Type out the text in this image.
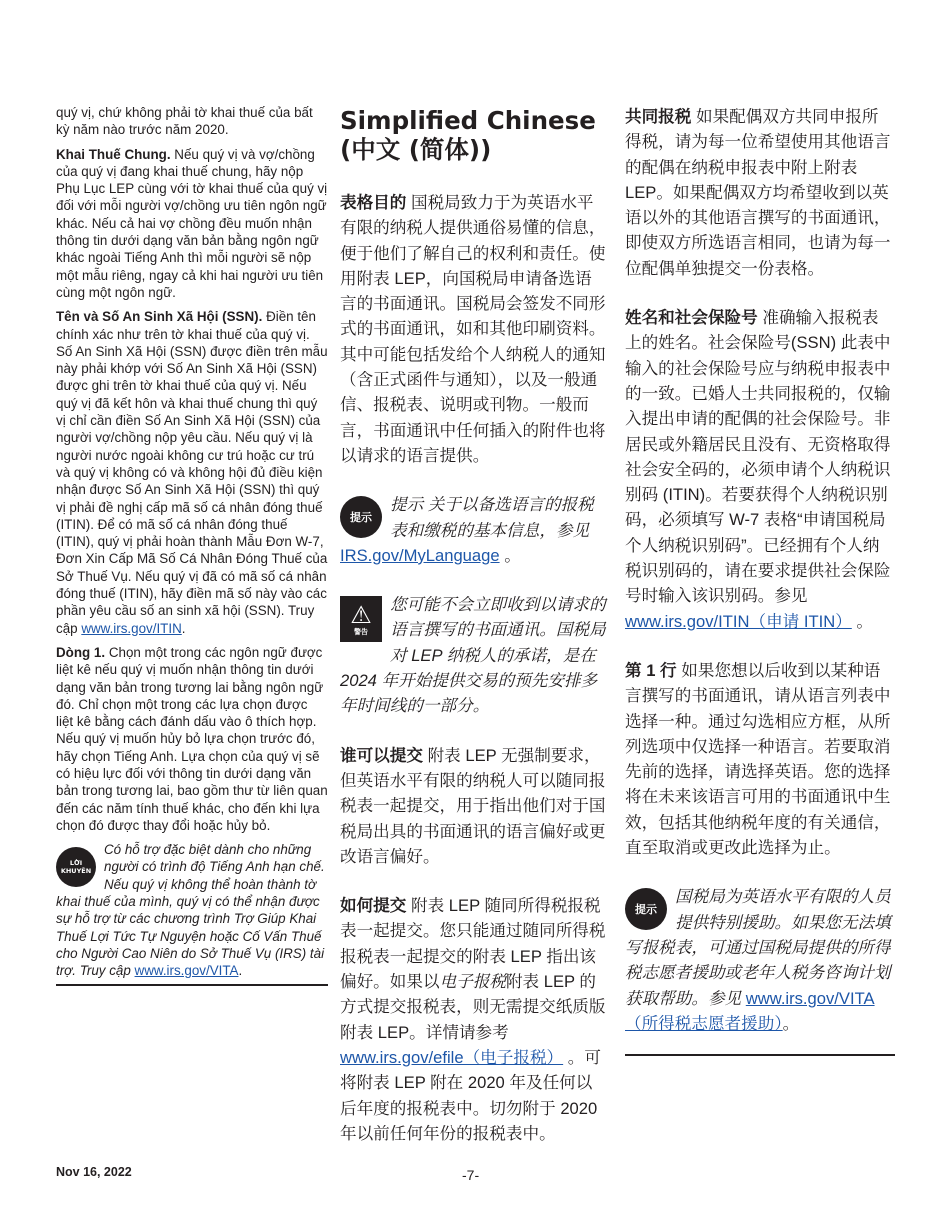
quý vị, chứ không phải tờ khai thuế của bất kỳ năm nào trước năm 2020.

Khai Thuế Chung. Nếu quý vị và vợ/chồng của quý vị đang khai thuế chung, hãy nộp Phụ Lục LEP cùng với tờ khai thuế của quý vị đối với mỗi người vợ/chồng ưu tiên ngôn ngữ khác. Nếu cả hai vợ chồng đều muốn nhận thông tin dưới dạng văn bản bằng ngôn ngữ khác ngoài Tiếng Anh thì mỗi người sẽ nộp một mẫu riêng, ngay cả khi hai người ưu tiên cùng một ngôn ngữ.

Tên và Số An Sinh Xã Hội (SSN). Điền tên chính xác như trên tờ khai thuế của quý vị. Số An Sinh Xã Hội (SSN) được điền trên mẫu này phải khớp với Số An Sinh Xã Hội (SSN) được ghi trên tờ khai thuế của quý vị. Nếu quý vị đã kết hôn và khai thuế chung thì quý vị chỉ cần điền Số An Sinh Xã Hội (SSN) của người vợ/chồng nộp yêu cầu. Nếu quý vị là người nước ngoài không cư trú hoặc cư trú và quý vị không có và không hội đủ điều kiện nhận được Số An Sinh Xã Hội (SSN) thì quý vị phải đề nghị cấp mã số cá nhân đóng thuế (ITIN). Để có mã số cá nhân đóng thuế (ITIN), quý vị phải hoàn thành Mẫu Đơn W-7, Đơn Xin Cấp Mã Số Cá Nhân Đóng Thuế của Sở Thuế Vụ. Nếu quý vị đã có mã số cá nhân đóng thuế (ITIN), hãy điền mã số này vào các phần yêu cầu số an sinh xã hội (SSN). Truy cập www.irs.gov/ITIN.

Dòng 1. Chọn một trong các ngôn ngữ được liệt kê nếu quý vị muốn nhận thông tin dưới dạng văn bản trong tương lai bằng ngôn ngữ đó. Chỉ chọn một trong các lựa chọn được liệt kê bằng cách đánh dấu vào ô thích hợp. Nếu quý vị muốn hủy bỏ lựa chọn trước đó, hãy chọn Tiếng Anh. Lựa chọn của quý vị sẽ có hiệu lực đối với thông tin dưới dạng văn bản trong tương lai, bao gồm thư từ liên quan đến các năm tính thuế khác, cho đến khi lựa chọn đó được thay đổi hoặc hủy bỏ.

LỜI KHUYÊN
Có hỗ trợ đặc biệt dành cho những người có trình độ Tiếng Anh hạn chế. Nếu quý vị không thể hoàn thành tờ khai thuế của mình, quý vị có thể nhận được sự hỗ trợ từ các chương trình Trợ Giúp Khai Thuế Lợi Tức Tự Nguyện hoặc Cố Vấn Thuế cho Người Cao Niên do Sở Thuế Vụ (IRS) tài trợ. Truy cập www.irs.gov/VITA.
Simplified Chinese (中文 (简体))

表格目的 国税局致力于为英语水平有限的纳税人提供通俗易懂的信息，便于他们了解自己的权利和责任。使用附表 LEP，向国税局申请备选语言的书面通讯。国税局会签发不同形式的书面通讯，如和其他印刷资料。其中可能包括发给个人纳税人的通知（含正式函件与通知），以及一般通信、报税表、说明或刊物。一般而言，书面通讯中任何插入的附件也将以请求的语言提供。

提示
提示 关于以备选语言的报税表和缴税的基本信息，参见 IRS.gov/MyLanguage 。
⚠
警告
您可能不会立即收到以请求的语言撰写的书面通讯。国税局对 LEP 纳税人的承诺，是在 2024 年开始提供交易的预先安排多年时间线的一部分。

谁可以提交 附表 LEP 无强制要求，但英语水平有限的纳税人可以随同报税表一起提交，用于指出他们对于国税局出具的书面通讯的语言偏好或更改语言偏好。

如何提交 附表 LEP 随同所得税报税表一起提交。您只能通过随同所得税报税表一起提交的附表 LEP 指出该偏好。如果以电子报税附表 LEP 的方式提交报税表，则无需提交纸质版附表 LEP。详情请参考 www.irs.gov/efile（电子报税） 。可将附表 LEP 附在 2020 年及任何以后年度的报税表中。切勿附于 2020 年以前任何年份的报税表中。

共同报税 如果配偶双方共同申报所得税，请为每一位希望使用其他语言的配偶在纳税申报表中附上附表 LEP。如果配偶双方均希望收到以英语以外的其他语言撰写的书面通讯，即使双方所选语言相同，也请为每一位配偶单独提交一份表格。

姓名和社会保险号 准确输入报税表上的姓名。社会保险号(SSN) 此表中输入的社会保险号应与纳税申报表中的一致。已婚人士共同报税的，仅输入提出申请的配偶的社会保险号。非居民或外籍居民且没有、无资格取得社会安全码的，必须申请个人纳税识别码 (ITIN)。若要获得个人纳税识别码，必须填写 W-7 表格“申请国税局个人纳税识别码”。已经拥有个人纳税识别码的，请在要求提供社会保险号时输入该识别码。参见 www.irs.gov/ITIN（申请 ITIN） 。

第 1 行 如果您想以后收到以某种语言撰写的书面通讯，请从语言列表中选择一种。通过勾选相应方框，从所列选项中仅选择一种语言。若要取消先前的选择，请选择英语。您的选择将在未来该语言可用的书面通讯中生效，包括其他纳税年度的有关通信，直至取消或更改此选择为止。

提示
国税局为英语水平有限的人员提供特别援助。如果您无法填写报税表，可通过国税局提供的所得税志愿者援助或老年人税务咨询计划获取帮助。参见 www.irs.gov/VITA（所得税志愿者援助）。
Nov 16, 2022	-7-
